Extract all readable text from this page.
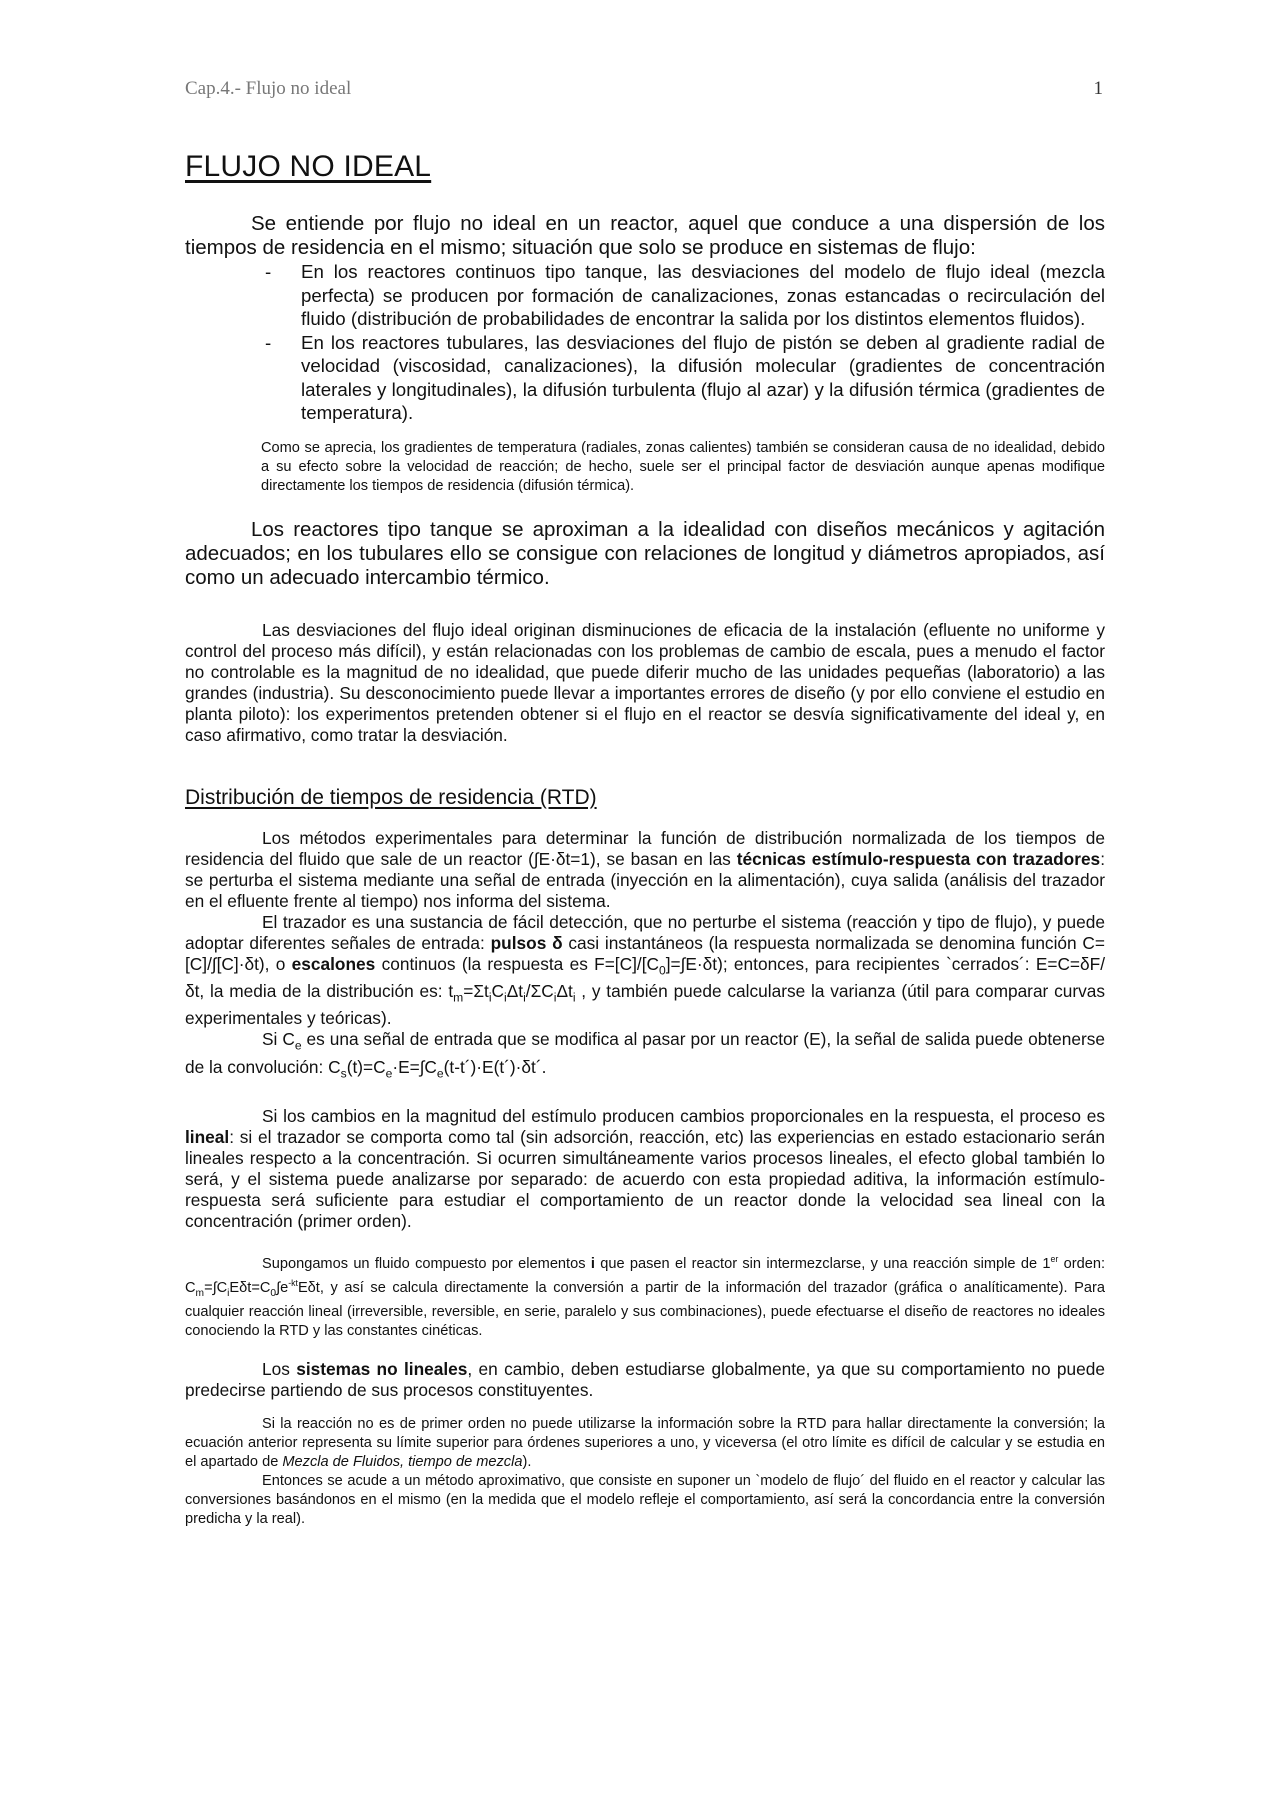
Cap.4.- Flujo no ideal	1
FLUJO NO IDEAL

Se entiende por flujo no ideal en un reactor, aquel que conduce a una dispersión de los tiempos de residencia en el mismo; situación que solo se produce en sistemas de flujo:

- En los reactores continuos tipo tanque, las desviaciones del modelo de flujo ideal (mezcla perfecta) se producen por formación de canalizaciones, zonas estancadas o recirculación del fluido (distribución de probabilidades de encontrar la salida por los distintos elementos fluidos).
- En los reactores tubulares, las desviaciones del flujo de pistón se deben al gradiente radial de velocidad (viscosidad, canalizaciones), la difusión molecular (gradientes de concentración laterales y longitudinales), la difusión turbulenta (flujo al azar) y la difusión térmica (gradientes de temperatura).

Como se aprecia, los gradientes de temperatura (radiales, zonas calientes) también se consideran causa de no idealidad, debido a su efecto sobre la velocidad de reacción; de hecho, suele ser el principal factor de desviación aunque apenas modifique directamente los tiempos de residencia (difusión térmica).

Los reactores tipo tanque se aproximan a la idealidad con diseños mecánicos y agitación adecuados; en los tubulares ello se consigue con relaciones de longitud y diámetros apropiados, así como un adecuado intercambio térmico.

Las desviaciones del flujo ideal originan disminuciones de eficacia de la instalación (efluente no uniforme y control del proceso más difícil), y están relacionadas con los problemas de cambio de escala, pues a menudo el factor no controlable es la magnitud de no idealidad, que puede diferir mucho de las unidades pequeñas (laboratorio) a las grandes (industria). Su desconocimiento puede llevar a importantes errores de diseño (y por ello conviene el estudio en planta piloto): los experimentos pretenden obtener si el flujo en el reactor se desvía significativamente del ideal y, en caso afirmativo, como tratar la desviación.

Distribución de tiempos de residencia (RTD)

Los métodos experimentales para determinar la función de distribución normalizada de los tiempos de residencia del fluido que sale de un reactor (∫E·δt=1), se basan en las técnicas estímulo-respuesta con trazadores: se perturba el sistema mediante una señal de entrada (inyección en la alimentación), cuya salida (análisis del trazador en el efluente frente al tiempo) nos informa del sistema.

El trazador es una sustancia de fácil detección, que no perturbe el sistema (reacción y tipo de flujo), y puede adoptar diferentes señales de entrada: pulsos δ casi instantáneos (la respuesta normalizada se denomina función C=[C]/∫[C]·δt), o escalones continuos (la respuesta es $F=[C]/[C_0]=\int E\cdot\delta t$); entonces, para recipientes `cerrados´: E=C=δF/δt, la media de la distribución es: $t_m=\Sigma t_iC_i\Delta t_i/\Sigma C_i\Delta t_i$ , y también puede calcularse la varianza (útil para comparar curvas experimentales y teóricas).

Si $C_e$ es una señal de entrada que se modifica al pasar por un reactor (E), la señal de salida puede obtenerse de la convolución: $C_s(t)=C_e\cdot E=\int C_e(t-t´)\cdot E(t´)\cdot\delta t´$.

Si los cambios en la magnitud del estímulo producen cambios proporcionales en la respuesta, el proceso es lineal: si el trazador se comporta como tal (sin adsorción, reacción, etc) las experiencias en estado estacionario serán lineales respecto a la concentración. Si ocurren simultáneamente varios procesos lineales, el efecto global también lo será, y el sistema puede analizarse por separado: de acuerdo con esta propiedad aditiva, la información estímulo-respuesta será suficiente para estudiar el comportamiento de un reactor donde la velocidad sea lineal con la concentración (primer orden).

Supongamos un fluido compuesto por elementos i que pasen el reactor sin intermezclarse, y una reacción simple de 1er orden: $C_m=\int C_iE\delta t=C_0\int e^{-kt}E\delta t$, y así se calcula directamente la conversión a partir de la información del trazador (gráfica o analíticamente). Para cualquier reacción lineal (irreversible, reversible, en serie, paralelo y sus combinaciones), puede efectuarse el diseño de reactores no ideales conociendo la RTD y las constantes cinéticas.

Los sistemas no lineales, en cambio, deben estudiarse globalmente, ya que su comportamiento no puede predecirse partiendo de sus procesos constituyentes.

Si la reacción no es de primer orden no puede utilizarse la información sobre la RTD para hallar directamente la conversión; la ecuación anterior representa su límite superior para órdenes superiores a uno, y viceversa (el otro límite es difícil de calcular y se estudia en el apartado de Mezcla de Fluidos, tiempo de mezcla).

Entonces se acude a un método aproximativo, que consiste en suponer un `modelo de flujo´ del fluido en el reactor y calcular las conversiones basándonos en el mismo (en la medida que el modelo refleje el comportamiento, así será la concordancia entre la conversión predicha y la real).
